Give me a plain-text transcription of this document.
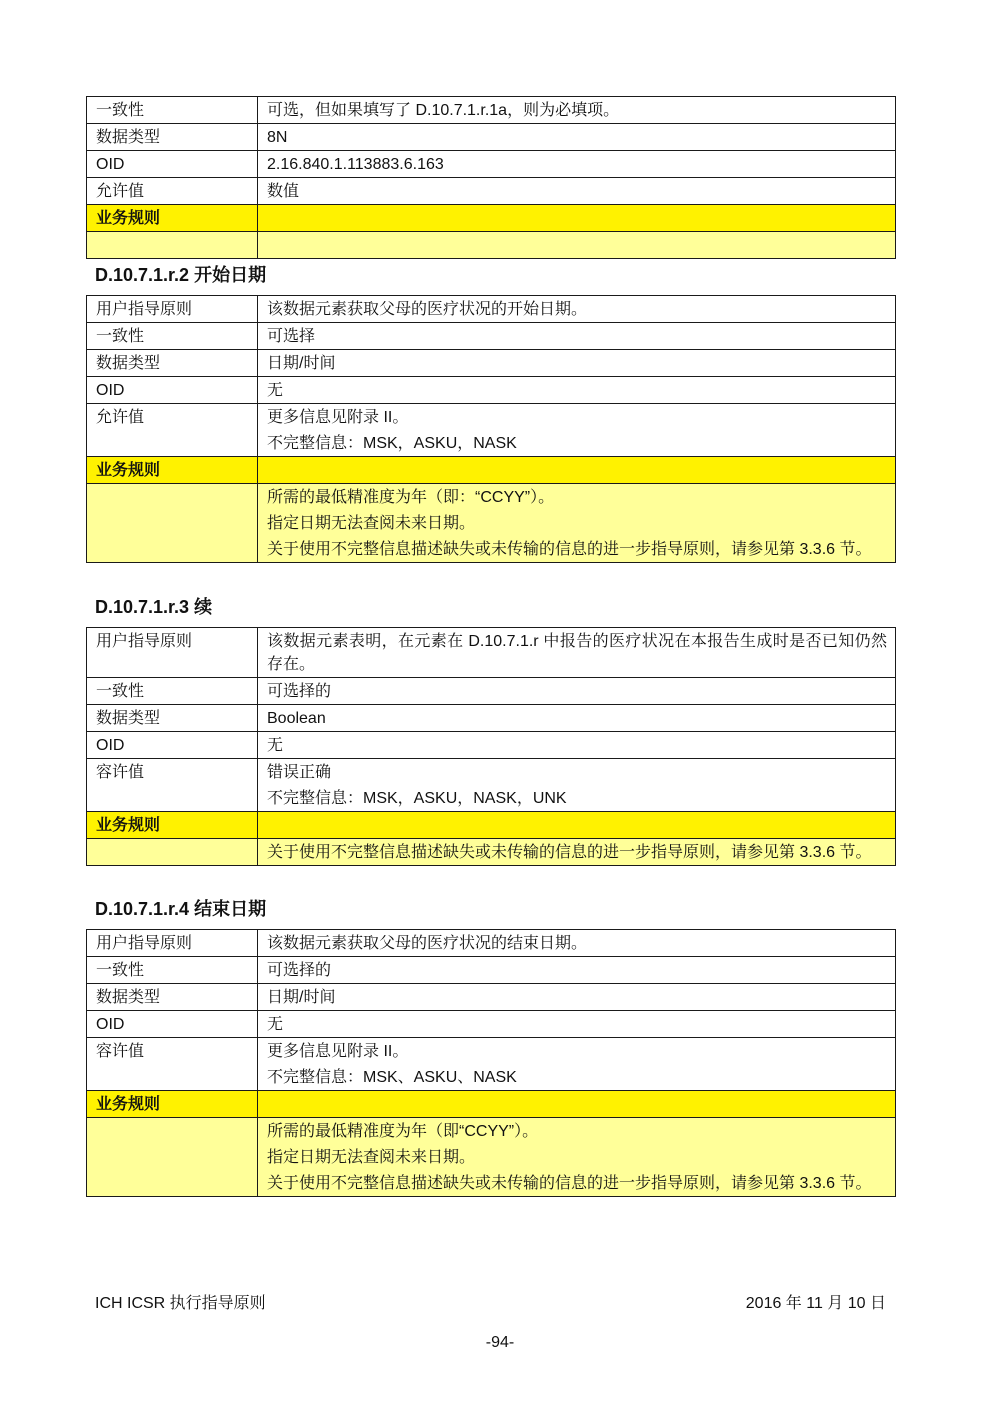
一致性	可选，但如果填写了 D.10.7.1.r.1a，则为必填项。
数据类型	8N
OID	2.16.840.1.113883.6.163
允许值	数值
业务规则	

D.10.7.1.r.2 开始日期
用户指导原则	该数据元素获取父母的医疗状况的开始日期。
一致性	可选择
数据类型	日期/时间
OID	无
允许值	更多信息见附录 II。
不完整信息：MSK，ASKU，NASK

业务规则	

	所需的最低精准度为年（即：“CCYY”）。
指定日期无法查阅未来日期。
关于使用不完整信息描述缺失或未传输的信息的进一步指导原则，请参见第 3.3.6 节。
D.10.7.1.r.3 续
用户指导原则	该数据元素表明，在元素在 D.10.7.1.r 中报告的医疗状况在本报告生成时是否已知仍然存在。

一致性	可选择的
数据类型	Boolean
OID	无
容许值	错误正确
不完整信息：MSK，ASKU，NASK，UNK

业务规则	

	关于使用不完整信息描述缺失或未传输的信息的进一步指导原则，请参见第 3.3.6 节。
D.10.7.1.r.4 结束日期
用户指导原则	该数据元素获取父母的医疗状况的结束日期。
一致性	可选择的
数据类型	日期/时间
OID	无
容许值	更多信息见附录 II。
不完整信息：MSK、ASKU、NASK

业务规则	

	所需的最低精准度为年（即“CCYY”）。
指定日期无法查阅未来日期。
关于使用不完整信息描述缺失或未传输的信息的进一步指导原则，请参见第 3.3.6 节。
ICH ICSR 执行指导原则	2016 年 11 月 10 日
-94-
